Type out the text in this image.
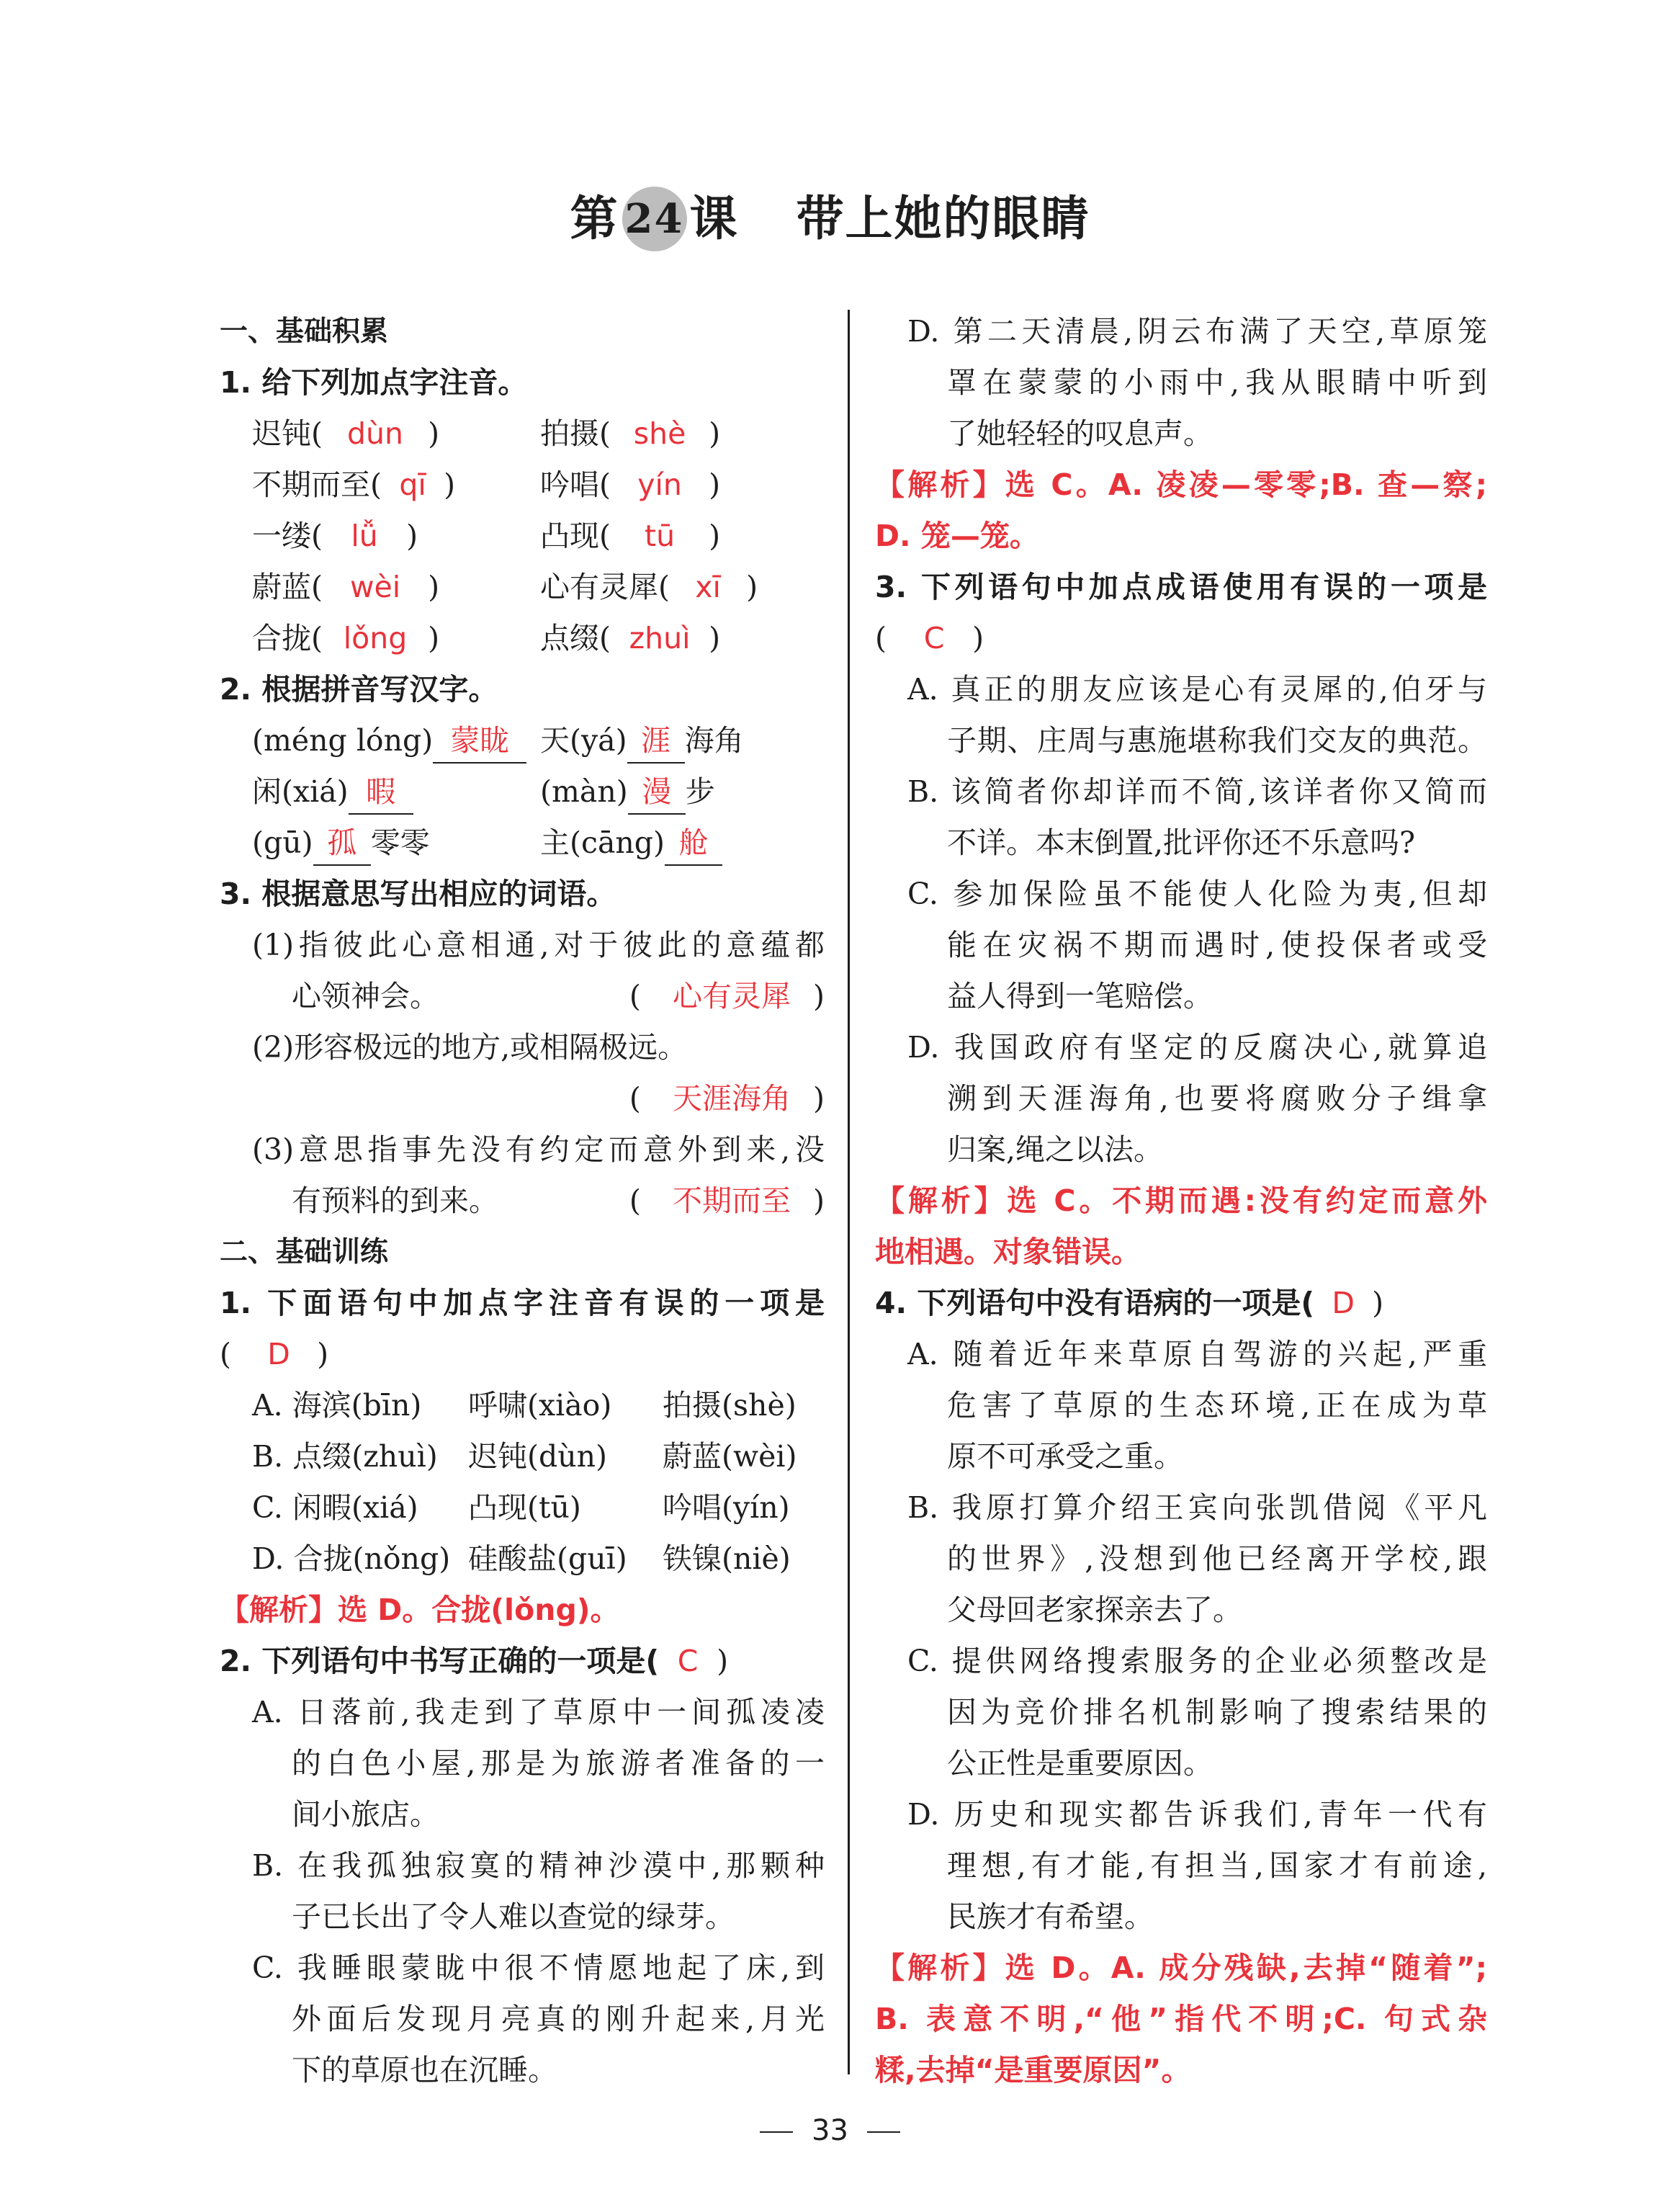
第 24 课 带上她的眼睛
一、基础积累
1. 给下列加点字注音。
迟钝( dùn )	拍摄( shè )
不期而至( qī )	吟唱( yín )
一缕( lǚ )	凸现( tū )
蔚蓝( wèi )	心有灵犀( xī )
合拢( lǒng )	点缀( zhuì )
2. 根据拼音写汉字。
(méng lóng) 蒙眬 天(yá) 涯 海角
闲(xiá) 暇	(màn) 漫 步
(gū) 孤 零零	主(cāng) 舱
3. 根据意思写出相应的词语。
(1)指彼此心意相通,对于彼此的意蕴都
心领神会。	(  心有灵犀 )
(2)形容极远的地方,或相隔极远。
(  天涯海角 )
(3)意思指事先没有约定而意外到来,没
有预料的到来。	(  不期而至 )
二、基础训练
1. 下面语句中加点字注音有误的一项是
(  D )
A. 海滨(bīn) 呼啸(xiào) 拍摄(shè)
B. 点缀(zhuì) 迟钝(dùn) 蔚蓝(wèi)
C. 闲暇(xiá) 凸现(tū)	吟唱(yín)
D. 合拢(nǒng) 硅酸盐(guī) 铁镍(niè)
【解析】选 D。合拢(lǒng)。
2. 下列语句中书写正确的一项是( C )
A. 日落前,我走到了草原中一间孤凌凌
的白色小屋,那是为旅游者准备的一
间小旅店。
B. 在我孤独寂寞的精神沙漠中,那颗种
子已长出了令人难以查觉的绿芽。
C. 我睡眼蒙眬中很不情愿地起了床,到
外面后发现月亮真的刚升起来,月光
下的草原也在沉睡。
D. 第二天清晨,阴云布满了天空,草原笼
罩在蒙蒙的小雨中,我从眼睛中听到
了她轻轻的叹息声。
【解析】选 C。A. 凌凌—零零;B. 查—察;
D. 笼—笼。
3. 下列语句中加点成语使用有误的一项是
(  C )
A. 真正的朋友应该是心有灵犀的,伯牙与
子期、庄周与惠施堪称我们交友的典范。
B. 该简者你却详而不简,该详者你又简而
不详。本末倒置,批评你还不乐意吗?
C. 参加保险虽不能使人化险为夷,但却
能在灾祸不期而遇时,使投保者或受
益人得到一笔赔偿。
D. 我国政府有坚定的反腐决心,就算追
溯到天涯海角,也要将腐败分子缉拿
归案,绳之以法。
【解析】选 C。不期而遇:没有约定而意外
地相遇。对象错误。
4. 下列语句中没有语病的一项是( D )
A. 随着近年来草原自驾游的兴起,严重
危害了草原的生态环境,正在成为草
原不可承受之重。
B. 我原打算介绍王宾向张凯借阅《平凡
的世界》,没想到他已经离开学校,跟
父母回老家探亲去了。
C. 提供网络搜索服务的企业必须整改是
因为竞价排名机制影响了搜索结果的
公正性是重要原因。
D. 历史和现实都告诉我们,青年一代有
理想,有才能,有担当,国家才有前途,
民族才有希望。
【解析】选 D。A. 成分残缺,去掉“随着”;
B. 表意不明,“他”指代不明;C. 句式杂
糅,去掉“是重要原因”。
33
